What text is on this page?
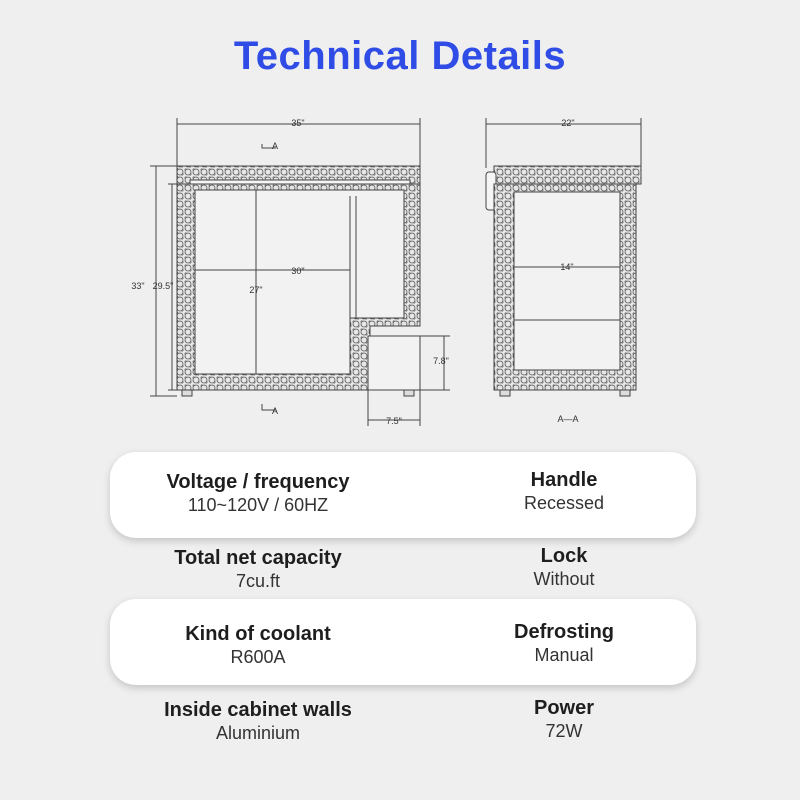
Technical Details
35"
A
A
30"
27"
33" 29.5"
7.8"
7.5"
22"
14"
A—A
Voltage / frequency
110~120V / 60HZ
Handle
Recessed
Total net capacity
7cu.ft
Lock
Without
Kind of coolant
R600A
Defrosting
Manual
Inside cabinet walls
Aluminium
Power
72W
